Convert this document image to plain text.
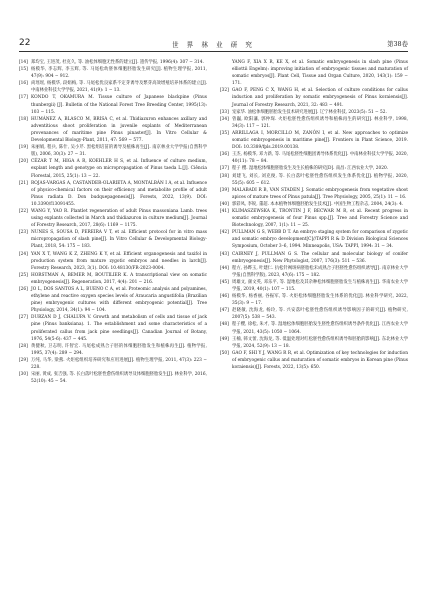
22	世 界 林 业 研 究	第38卷
[14] 郑均宝, 王进茂, 杜克久, 等. 油松体细胞无性系的建立[J]. 遗传学报, 1996(4): 307 − 314.
[15] 杨模华, 李志辉, 李玉辉, 等. 马尾松幼胚体细胞胚胎发生研究[J]. 植物生理学报, 2011, 47(9): 904 − 912.
[16] 尚瑶瑶, 杨模华, 段娟梅, 等. 马尾松优良家系不定芽诱导及繁芽高效增殖培养体系的建立[J]. 中南林业科技大学学报, 2021, 41(9): 1 − 13.
[17] KONDO T, OKAMURA M. Tissue culture of Japanese blackpine (Pinus thunbergii) [J]. Bulletin of the National Forest Tree Breeding Center, 1995(13): 103 − 115.
[18] HUMÁNEZ A, BLASCO M, BRISA C, et al. Thidiazuron enhances axillary and adventitious shoot proliferation in juvenile explants of Mediterranean provenances of maritime pine Pinus pinaster[J]. In Vitro Cellular & Developmental Biology-Plant, 2011, 47: 569 − 577.
[19] 朱丽娟, 程兵, 陈什, 吴小芹. 黑松组培苗的诱导及植株再生[J]. 南京林业大学学报(自然科学版), 2006, 30(3): 27 − 31.
[20] CÉZAR T M, HIGA A R, KOEHLER H S, et al. Influence of culture medium, explant length and genotype on micropropagation of Pinus taeda L.[J]. Ciência Florestal, 2015, 25(1): 13 − 22.
[21] ROJAS-VARGAS A, CASTANDER-OLARIETA A, MONTALBÁN I A, et al. Influence of physico-chemical factors on their efficiency and metabolite profile of adult Pinus radiata D. Don budquepagenesis[J]. Forests, 2022, 13(9). DOI: 10.3390/f13091455.
[22] WANG Y, YAO R. Plantlet regeneration of adult Pinus massoniana Lamb. trees using explants collected in March and thidiazuron in culture medium[J]. Journal of Forestry Research, 2017, 28(6): 1169 − 1175.
[23] NUNES S, SOUSA D, PEREIRA V T, et al. Efficient protocol for in vitro mass micropropagation of slash pine[J]. In Vitro Cellular & Developmental Biology-Plant, 2018, 54: 175 − 183.
[24] YAN X T, WANG K Z, ZHENG K Y, et al. Efficient organogenesis and taxifol in production system from mature zygotic embryos and needles in larch[J]. Forestry Research, 2023, 3(1). DOI: 10.48130/FR-2023-0004.
[25] HORSTMAN A, BEMER M, BOUTILIER K. A transcriptional view on somatic embryogenesis[J]. Regeneration, 2017, 4(4): 201 − 216.
[26] JO L, DOS SANTOS A L, BUENO C A, et al. Proteomic analysis and polyamines, ethylene and reactive oxygen species levels of Araucaria angustifolia (Brazilian pine) embryogenic cultures with different embryogenic potential[J]. Tree Physiology, 2014, 34(1): 94 − 104.
[27] DURZAN D J, CHALUPA V. Growth and metabolism of cells and tissue of jack pine (Pinus banksiana). 1. The establishment and some characteristics of a proliferated callus from jack pine seedlings[J]. Canadian Journal of Botany, 1976, 54(5-6): 437 − 445.
[28] 黄健秋, 卫志明, 许智宏. 马尾松成熟合子胚的体细胞胚胎发生和植株再生[J]. 植物学报, 1995, 37(4): 289 − 294.
[29] 万纯, 马华, 梁燕. 火炬松组织培养研究和应用进展[J]. 植物生理学报, 2011, 47(3): 223 − 228.
[30] 宋丽, 黄成, 张吉强, 等. 长白落叶松胚性愈伤组织诱导及体细胞胚胎发生[J]. 林业科学, 2016, 52(10): 45 − 54.
YANG F, XIA X R, KE X, et al. Somatic embryogenesis in slash pine (Pinus elliottii Engelm): improving initiation of embryogenic tissues and maturation of somatic embryos[J]. Plant Cell, Tissue and Organ Culture, 2020, 143(1): 159 − 171.
[32] GAO F, PENG C X, WANG H, et al. Selection of culture conditions for callus induction and proliferation by somatic embryogenesis of Pinus koraiensis[J]. Journal of Forestry Research, 2021, 32: 483 − 491.
[33] 宠家华. 油松体细胞胚胎发生技术研究进展[J]. 辽宁林业科技, 2023(5): 51 − 52.
[34] 曾巍, 欧阳藩, 郭仲琛. 火炬松胚性愈伤组织诱导和植株再生的研究[J]. 林业科学, 1998, 34(3): 117 − 121.
[35] ARRILLAGA I, MORCILLO M, ZANÓN I, et al. New approaches to optimize somatic embryogenesis in maritime pine[J]. Frontiers in Plant Science, 2019. DOI: 10.3389/fpls.2019.00138.
[36] 王杰, 杨模华, 邓力新, 等. 马尾松胚性细胞团诱导体系优化[J]. 中南林业科技大学学报, 2020, 40(11): 78 − 84.
[37] 程子 樱. 湿地松体细胞胚胎发生及生长植株的研究[D]. 南昌: 江西农业大学, 2020.
[38] 刘建飞, 刘长, 刘克俊, 等. 长白落叶松胚性愈伤组织发生体系优化[J]. 植物学报, 2020, 55(5): 605 − 612.
[39] MALABADI R B, VAN STADEN J. Somatic embryogenesis from vegetative shoot apices of mature trees of Pinus patula[J]. Tree Physiology, 2005, 25(1): 11 − 16.
[40] 郭彩凤, 李锐, 董超. 本本植物体细胞胚胎发生技术[J]. 中国生物工程杂志, 2004, 24(3): 4.
[41] KLIMASZEWSKA K, TRONTIN J F, BECWAR M R, et al. Recent progress in somatic embryogenesis of four Pinus spp.[J]. Tree and Forestry Science and Biotechnology, 2007, 1(1): 11 − 25.
[42] PULLMAN G S, WEBB D T. An embryo staging system for comparison of zygotic and somatic embryo development[C]//TAPPI R & D Division Biological Sciences Symposium, October 3–6, 1994. Minneapolis, USA: TAPPI, 1994: 31 − 34.
[43] CAIRNEY J, PULLMAN G S. The cellular and molecular biology of conifer embryogenesis[J]. New Phytologist, 2007, 176(3): 511 − 536.
[44] 程方, 孙晔玉, 叶建仁. 抗松针褐斑病胚胎松未成熟合子胚胚性愈伤组织诱导[J]. 南京林业大学学报(自然科学版), 2023, 47(6): 175 − 182.
[45] 周雄文, 颜文英, 邓乐平, 等. 湿地松及其杂种松体细胞胚胎发生与植株再生[J]. 华南农业大学学报, 2019, 40(1): 107 − 115.
[46] 杨模华, 杨香丽, 谷振军, 等. 火炬松体细胞胚胎发生体系的优化[J]. 林业科学研究, 2022, 35(3): 9 − 17.
[47] 赵晓敏, 沈海龙, 杨玲, 等. 兴安落叶松胚性愈伤组织诱导影响因子的研究[J]. 植物研究, 2007(5): 538 − 543.
[48] 程子樱, 徐松, 朱才, 等. 湿地松体细胞胚胎发生胚性愈伤组织诱导条件优化[J]. 江西农业大学学报, 2021, 43(5): 1050 − 1064.
[49] 王楠, 韩文蕾, 沈海龙, 等. 低温处理对红松胚性愈伤组织诱导和胚胎的影响[J]. 东北林业大学学报, 2024, 52(9): 13 − 18.
[50] GAO F, SHI Y J, WANG R R, et al. Optimization of key technologies for induction of embryogenic callus and maturation of somatic embryos in Korean pine (Pinus koraiensis)[J]. Forests, 2022, 13(5): 650.
